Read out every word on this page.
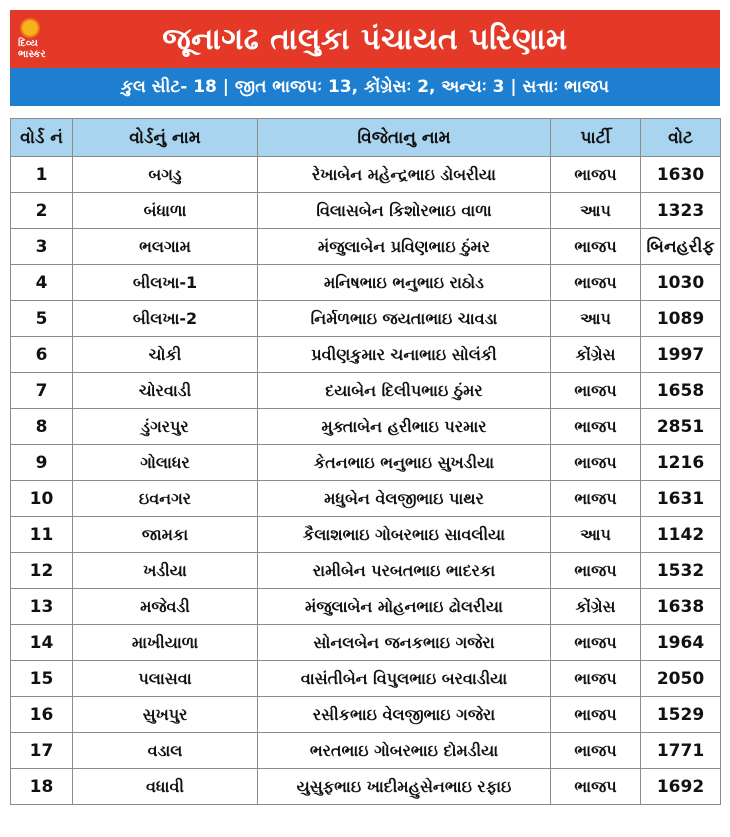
દિવ્ય
ભાસ્કર	જૂનાગઢ તાલુકા પંચાયત પરિણામ
કુલ સીટ- 18 | જીત ભાજપઃ 13, કોંગ્રેસઃ 2, અન્યઃ 3 | સત્તાઃ ભાજપ
વોર્ડ નં	વોર્ડનું નામ	વિજેતાનુ નામ	પાર્ટી	વોટ
1	બગડુ	રેખાબેન મહેન્દ્રભાઇ ડોબરીયા	ભાજપ	1630
2	બંધાળા	વિલાસબેન કિશોરભાઇ વાળા	આપ	1323
3	ભલગામ	મંજુલાબેન પ્રવિણભાઇ ઠુંમર	ભાજપ	બિનહરીફ
4	બીલખા-1	મનિષભાઇ ભનુભાઇ રાઠોડ	ભાજપ	1030
5	બીલખા-2	નિર્મળભાઇ જયતાભાઇ ચાવડા	આપ	1089
6	ચોકી	પ્રવીણકુમાર ચનાભાઇ સોલંકી	કોંગ્રેસ	1997
7	ચોરવાડી	દયાબેન દિલીપભાઇ ઠુંમર	ભાજપ	1658
8	ડુંગરપુર	મુક્તાબેન હરીભાઇ પરમાર	ભાજપ	2851
9	ગોલાધર	કેતનભાઇ ભનુભાઇ સુખડીયા	ભાજપ	1216
10	ઇવનગર	મધુબેન વેલજીભાઇ પાથર	ભાજપ	1631
11	જામકા	કૈલાશભાઇ ગોબરભાઇ સાવલીયા	આપ	1142
12	ખડીયા	રામીબેન પરબતભાઇ ભાદરકા	ભાજપ	1532
13	મજેવડી	મંજુલાબેન મોહનભાઇ ઢોલરીયા	કોંગ્રેસ	1638
14	માખીયાળા	સોનલબેન જનકભાઇ ગજેરા	ભાજપ	1964
15	પલાસવા	વાસંતીબેન વિપુલભાઇ બરવાડીયા	ભાજપ	2050
16	સુખપુર	રસીકભાઇ વેલજીભાઇ ગજેરા	ભાજપ	1529
17	વડાલ	ભરતભાઇ ગોબરભાઇ દોમડીયા	ભાજપ	1771
18	વધાવી	યુસુફભાઇ ખાદીમહુસેનભાઇ રફાઇ	ભાજપ	1692
